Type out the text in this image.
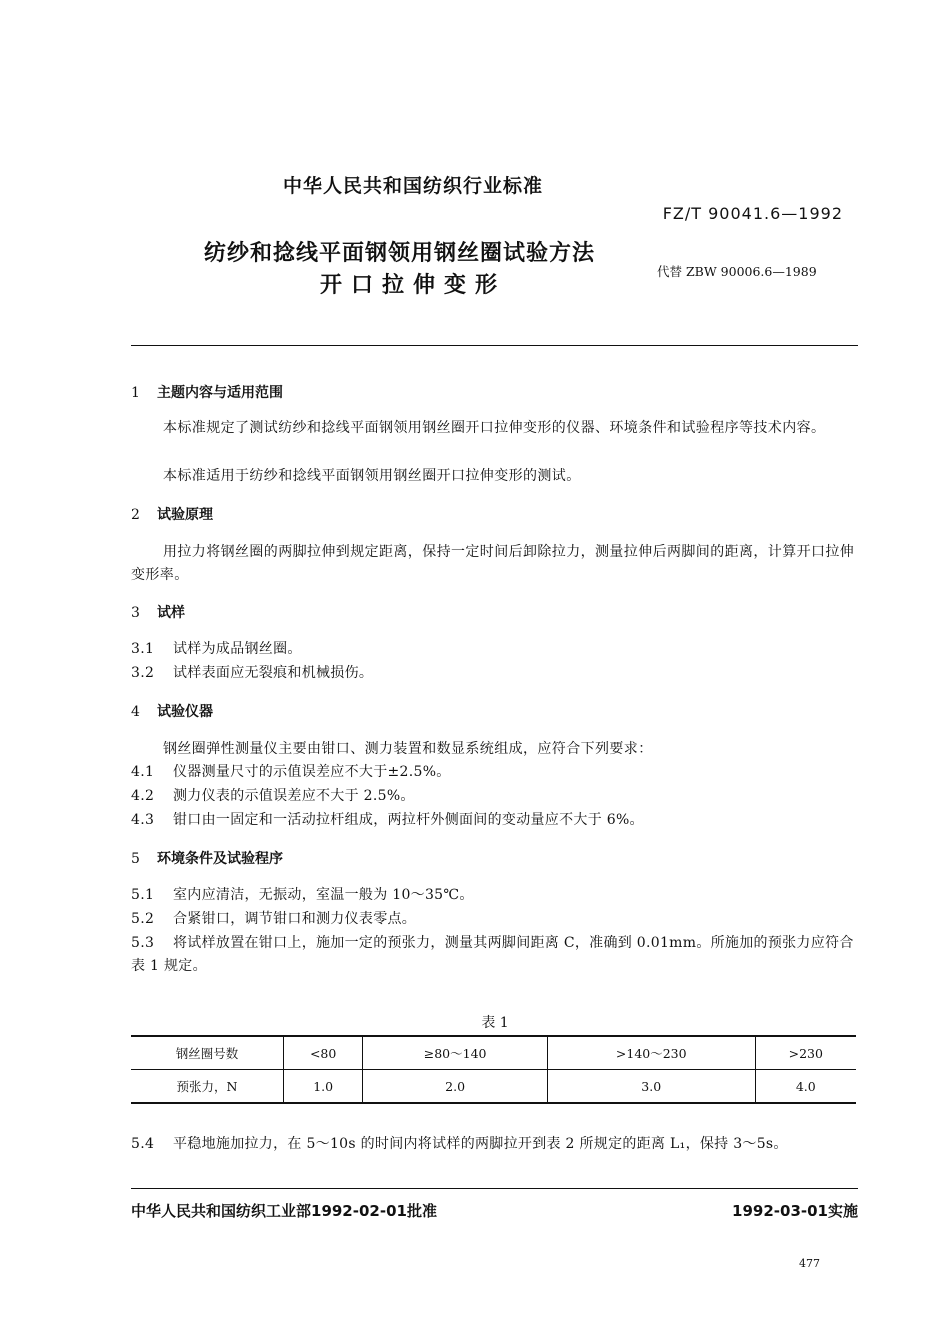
中华人民共和国纺织行业标准
FZ/T 90041.6—1992
纺纱和捻线平面钢领用钢丝圈试验方法
开口拉伸变形
代替 ZBW 90006.6—1989
1 主题内容与适用范围
本标准规定了测试纺纱和捻线平面钢领用钢丝圈开口拉伸变形的仪器、环境条件和试验程序等技术内容。
本标准适用于纺纱和捻线平面钢领用钢丝圈开口拉伸变形的测试。
2 试验原理
用拉力将钢丝圈的两脚拉伸到规定距离，保持一定时间后卸除拉力，测量拉伸后两脚间的距离，计算开口拉伸变形率。
3 试样
3.1 试样为成品钢丝圈。
3.2 试样表面应无裂痕和机械损伤。
4 试验仪器
钢丝圈弹性测量仪主要由钳口、测力装置和数显系统组成，应符合下列要求：
4.1 仪器测量尺寸的示值误差应不大于±2.5%。
4.2 测力仪表的示值误差应不大于 2.5%。
4.3 钳口由一固定和一活动拉杆组成，两拉杆外侧面间的变动量应不大于 6%。
5 环境条件及试验程序
5.1 室内应清洁，无振动，室温一般为 10～35℃。
5.2 合紧钳口，调节钳口和测力仪表零点。
5.3 将试样放置在钳口上，施加一定的预张力，测量其两脚间距离 C，准确到 0.01mm。所施加的预张力应符合表 1 规定。
表 1
钢丝圈号数	<80	≥80～140	>140～230	>230
预张力，N	1.0	2.0	3.0	4.0
5.4 平稳地施加拉力，在 5～10s 的时间内将试样的两脚拉开到表 2 所规定的距离 L₁，保持 3～5s。
中华人民共和国纺织工业部1992-02-01批准	1992-03-01实施
477
